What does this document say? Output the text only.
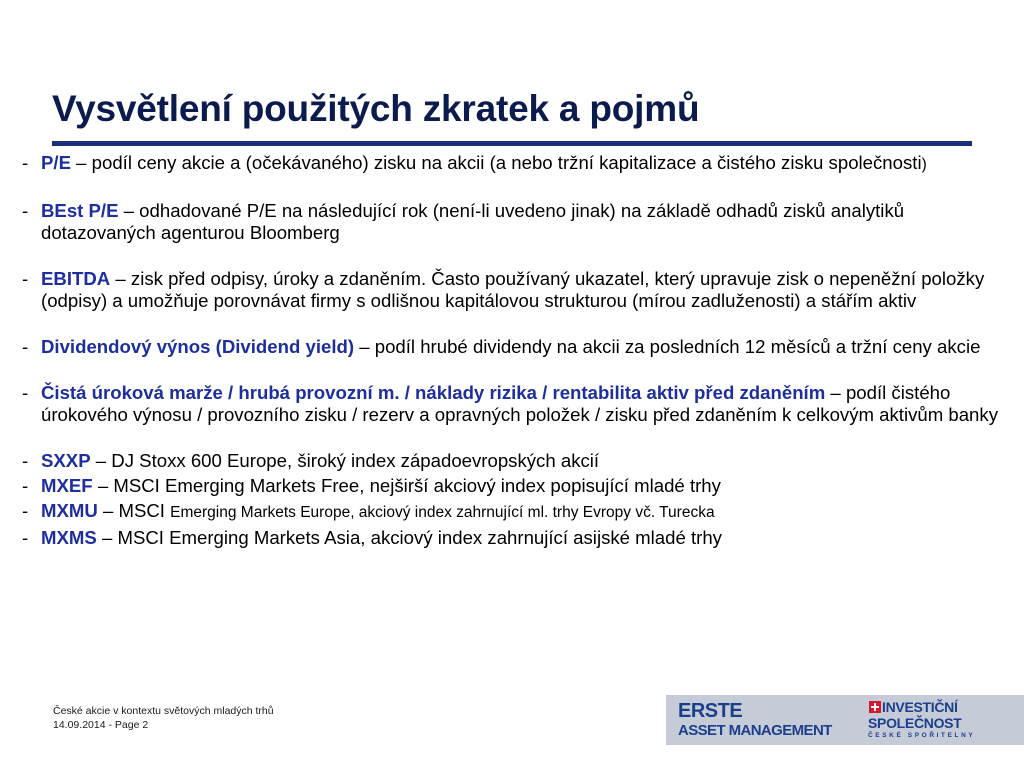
Vysvětlení použitých zkratek a pojmů
- P/E – podíl ceny akcie a (očekávaného) zisku na akcii (a nebo tržní kapitalizace a čistého zisku společnosti)
- BEst P/E – odhadované P/E na následující rok (není-li uvedeno jinak) na základě odhadů zisků analytiků dotazovaných agenturou Bloomberg
- EBITDA – zisk před odpisy, úroky a zdaněním. Často používaný ukazatel, který upravuje zisk o nepeněžní položky (odpisy) a umožňuje porovnávat firmy s odlišnou kapitálovou strukturou (mírou zadluženosti) a stářím aktiv
- Dividendový výnos (Dividend yield) – podíl hrubé dividendy na akcii za posledních 12 měsíců a tržní ceny akcie
- Čistá úroková marže / hrubá provozní m. / náklady rizika / rentabilita aktiv před zdaněním – podíl čistého úrokového výnosu / provozního zisku / rezerv a opravných položek / zisku před zdaněním k celkovým aktivům banky
- SXXP – DJ Stoxx 600 Europe, široký index západoevropských akcií
- MXEF – MSCI Emerging Markets Free, nejširší akciový index popisující mladé trhy
- MXMU – MSCI Emerging Markets Europe, akciový index zahrnující ml. trhy Evropy vč. Turecka
- MXMS – MSCI Emerging Markets Asia, akciový index zahrnující asijské mladé trhy
České akcie v kontextu světových mladých trhů
14.09.2014 - Page 2
ERSTE
ASSET MANAGEMENT
INVESTIČNÍ
SPOLEČNOST
ČESKÉ SPOŘITELNY
